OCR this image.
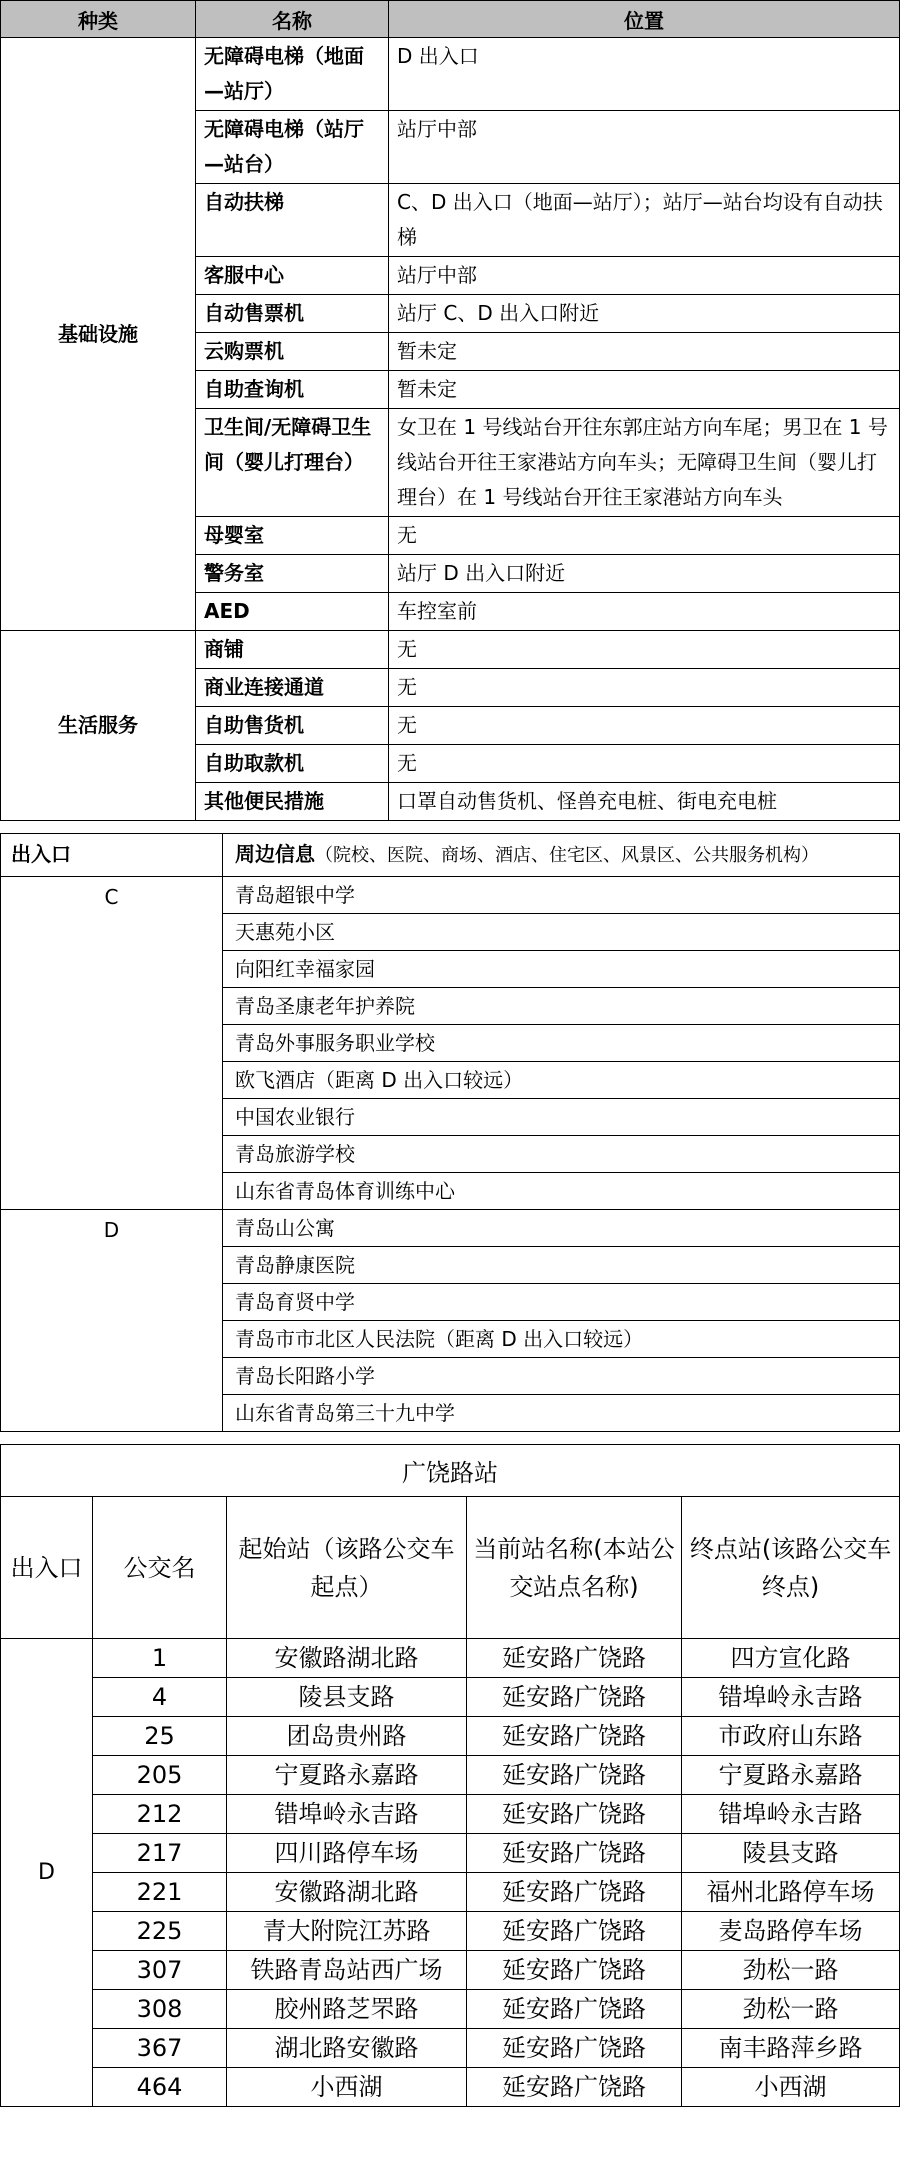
种类	名称	位置
基础设施	无障碍电梯（地面—站厅）	D 出入口
	无障碍电梯（站厅—站台）	站厅中部
	自动扶梯	C、D 出入口（地面—站厅）；站厅—站台均设有自动扶梯
	客服中心	站厅中部
	自动售票机	站厅 C、D 出入口附近
	云购票机	暂未定
	自助查询机	暂未定
	卫生间/无障碍卫生间（婴儿打理台）	女卫在 1 号线站台开往东郭庄站方向车尾；男卫在 1 号线站台开往王家港站方向车头；无障碍卫生间（婴儿打理台）在 1 号线站台开往王家港站方向车头
	母婴室	无
	警务室	站厅 D 出入口附近
	AED	车控室前
生活服务	商铺	无
	商业连接通道	无
	自助售货机	无
	自助取款机	无
	其他便民措施	口罩自动售货机、怪兽充电桩、街电充电桩
出入口	周边信息（院校、医院、商场、酒店、住宅区、风景区、公共服务机构）
C	青岛超银中学
	天惠苑小区
	向阳红幸福家园
	青岛圣康老年护养院
	青岛外事服务职业学校
	欧飞酒店（距离 D 出入口较远）
	中国农业银行
	青岛旅游学校
	山东省青岛体育训练中心
D	青岛山公寓
	青岛静康医院
	青岛育贤中学
	青岛市市北区人民法院（距离 D 出入口较远）
	青岛长阳路小学
	山东省青岛第三十九中学
广饶路站				
出入口	公交名	起始站（该路公交车起点）	当前站名称(本站公交站点名称)	终点站(该路公交车终点)
D	1	安徽路湖北路	延安路广饶路	四方宣化路
	4	陵县支路	延安路广饶路	错埠岭永吉路
	25	团岛贵州路	延安路广饶路	市政府山东路
	205	宁夏路永嘉路	延安路广饶路	宁夏路永嘉路
	212	错埠岭永吉路	延安路广饶路	错埠岭永吉路
	217	四川路停车场	延安路广饶路	陵县支路
	221	安徽路湖北路	延安路广饶路	福州北路停车场
	225	青大附院江苏路	延安路广饶路	麦岛路停车场
	307	铁路青岛站西广场	延安路广饶路	劲松一路
	308	胶州路芝罘路	延安路广饶路	劲松一路
	367	湖北路安徽路	延安路广饶路	南丰路萍乡路
	464	小西湖	延安路广饶路	小西湖
